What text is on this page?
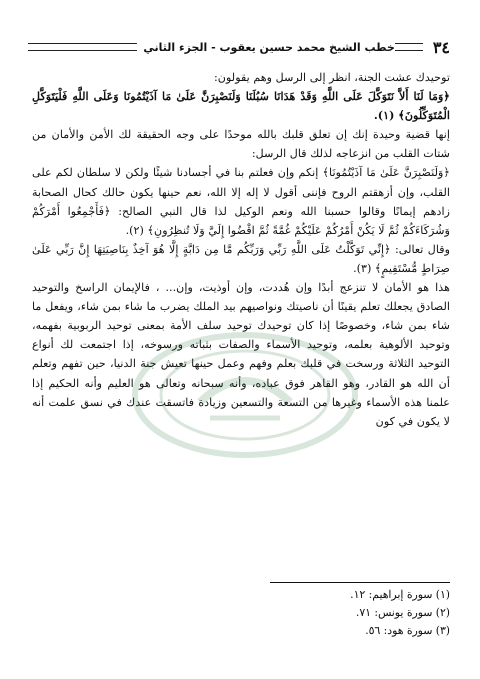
٣٤
خطب الشيخ محمد حسين يعقوب - الجزء الثاني

توحيدك عشت الجنة، انظر إلى الرسل وهم يقولون:

﴿وَمَا لَنَا أَلاَّ نَتَوَكَّلَ عَلَى اللَّهِ وَقَدْ هَدَانَا سُبُلَنَا وَلَنَصْبِرَنَّ عَلَىٰ مَا آذَيْتُمُونَا وَعَلَى اللَّهِ فَلْيَتَوَكَّلِ الْمُتَوَكِّلُونَ﴾ (١).

إنها قضية وحيدة إنك إن تعلق قلبك بالله موحدًا على وجه الحقيقة لك الأمن والأمان من شتات القلب من انزعاجه لذلك قال الرسل:

﴿وَلَنَصْبِرَنَّ عَلَىٰ مَا آذَيْتُمُونَا﴾ إنكم وإن فعلتم بنا في أجسادنا شيئًا ولكن لا سلطان لكم على القلب، وإن أزهقتم الروح فإننى أقول لا إله إلا الله، نعم حينها يكون حالك كحال الصحابة زادهم إيمانًا وقالوا حسبنا الله ونعم الوكيل لذا قال النبي الصالح: ﴿فَأَجْمِعُوا أَمْرَكُمْ وَشُرَكَاءَكُمْ ثُمَّ لَا يَكُنْ أَمْرُكُمْ عَلَيْكُمْ غُمَّةً ثُمَّ اقْضُوا إِلَيَّ وَلَا تُنظِرُونِ﴾ (٢).

وقال تعالى: ﴿إِنِّي تَوَكَّلْتُ عَلَى اللَّهِ رَبِّي وَرَبِّكُم مَّا مِن دَابَّةٍ إِلَّا هُوَ آخِذٌ بِنَاصِيَتِهَا إِنَّ رَبِّي عَلَىٰ صِرَاطٍ مُّسْتَقِيمٍ﴾ (٣).

هذا هو الأمان لا تنزعج أبدًا وإن هُددت، وإن أوذيت، وإن... ، فالإيمان الراسخ والتوحيد الصادق يجعلك تعلم يقينًا أن ناصيتك ونواصيهم بيد الملك يضرب ما شاء بمن شاء، ويفعل ما شاء بمن شاء، وخصوصًا إذا كان توحيدك توحيد سلف الأمة بمعنى توحيد الربوبية بفهمه، وتوحيد الألوهية بعلمه، وتوحيد الأسماء والصفات بثباته ورسوخه، إذا اجتمعت لك أنواع التوحيد الثلاثة ورسخت في قلبك بعلم وفهم وعمل حينها تعيش جنة الدنيا، حين تفهم وتعلم أن الله هو القادر، وهو القاهر فوق عباده، وأنه سبحانه وتعالى هو العليم وأنه الحكيم إذا علمنا هذه الأسماء وغيرها من التسعة والتسعين وزيادة فاتسقت عندك في نسق علمت أنه لا يكون في كون

(١) سورة إبراهيم: ١٢.

(٢) سورة يونس: ٧١.

(٣) سورة هود: ٥٦.
